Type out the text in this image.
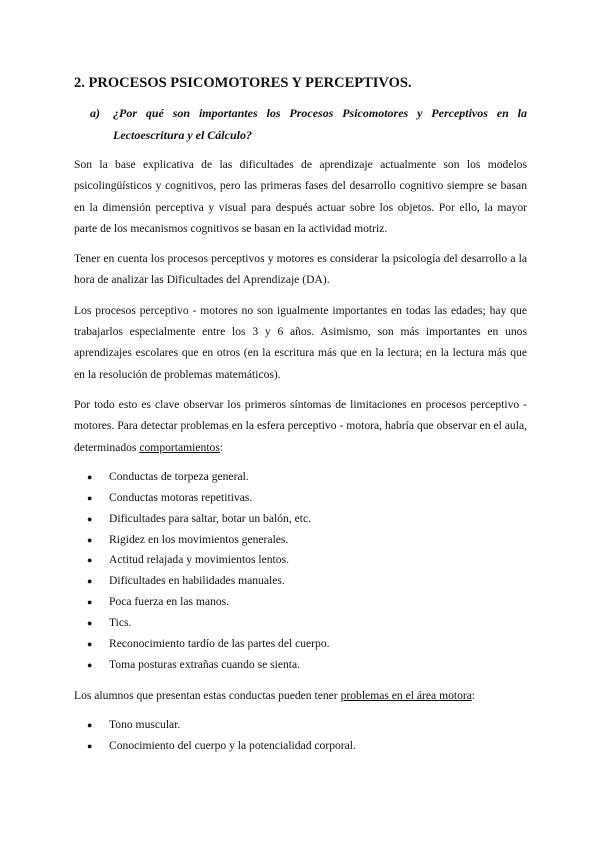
2. PROCESOS PSICOMOTORES Y PERCEPTIVOS.
a)	¿Por qué son importantes los Procesos Psicomotores y Perceptivos en la Lectoescritura y el Cálculo?

Son la base explicativa de las dificultades de aprendizaje actualmente son los modelos psicolingüísticos y cognitivos, pero las primeras fases del desarrollo cognitivo siempre se basan en la dimensión perceptiva y visual para después actuar sobre los objetos. Por ello, la mayor parte de los mecanismos cognitivos se basan en la actividad motriz.

Tener en cuenta los procesos perceptivos y motores es considerar la psicología del desarrollo a la hora de analizar las Dificultades del Aprendizaje (DA).

Los procesos perceptivo - motores no son igualmente importantes en todas las edades; hay que trabajarlos especialmente entre los 3 y 6 años. Asimismo, son más importantes en unos aprendizajes escolares que en otros (en la escritura más que en la lectura; en la lectura más que en la resolución de problemas matemáticos).

Por todo esto es clave observar los primeros síntomas de limitaciones en procesos perceptivo - motores. Para detectar problemas en la esfera perceptivo - motora, habría que observar en el aula, determinados comportamientos:

●	Conductas de torpeza general.
●	Conductas motoras repetitivas.
●	Dificultades para saltar, botar un balón, etc.
●	Rigidez en los movimientos generales.
●	Actitud relajada y movimientos lentos.
●	Dificultades en habilidades manuales.
●	Poca fuerza en las manos.
●	Tics.
●	Reconocimiento tardío de las partes del cuerpo.
●	Toma posturas extrañas cuando se sienta.

Los alumnos que presentan estas conductas pueden tener problemas en el área motora:

●	Tono muscular.
●	Conocimiento del cuerpo y la potencialidad corporal.
